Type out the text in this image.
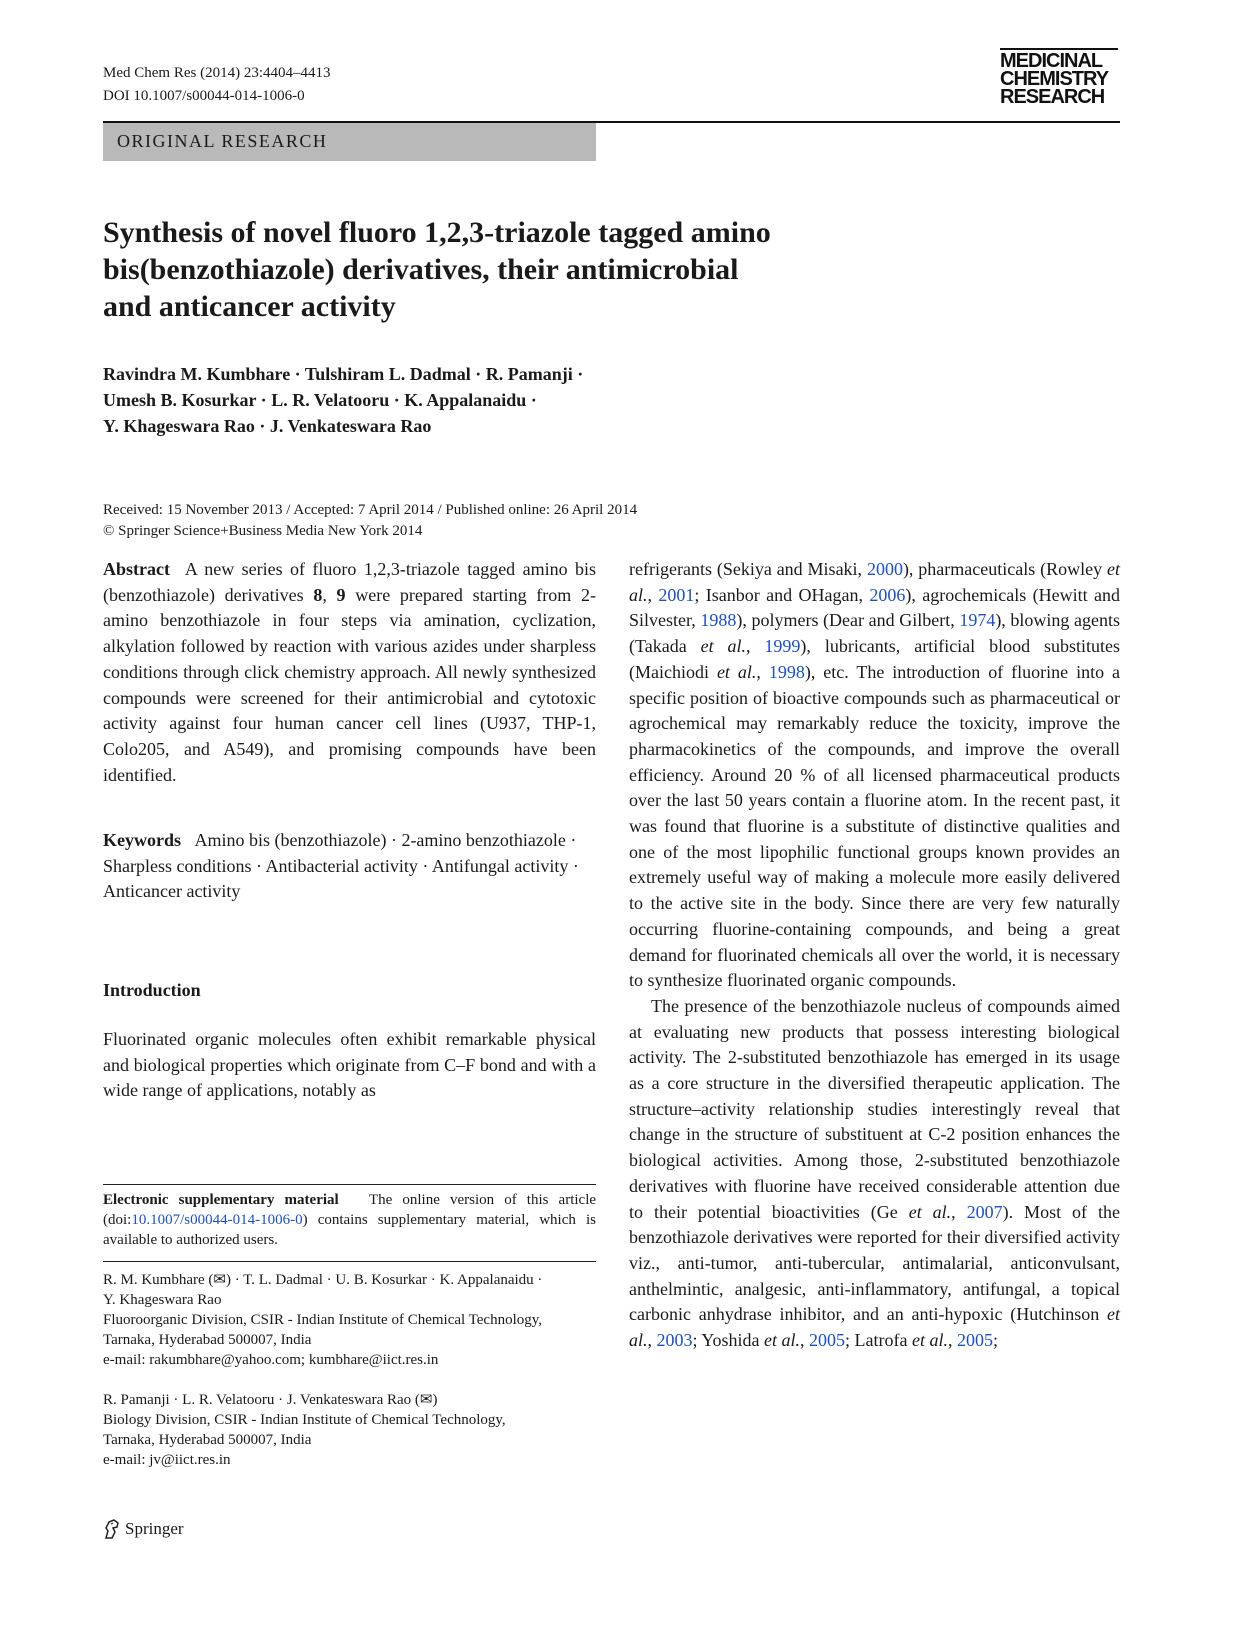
Med Chem Res (2014) 23:4404–4413
DOI 10.1007/s00044-014-1006-0
MEDICINAL
CHEMISTRY
RESEARCH
ORIGINAL RESEARCH
Synthesis of novel fluoro 1,2,3-triazole tagged amino
bis(benzothiazole) derivatives, their antimicrobial
and anticancer activity
Ravindra M. Kumbhare · Tulshiram L. Dadmal · R. Pamanji ·
Umesh B. Kosurkar · L. R. Velatooru · K. Appalanaidu ·
Y. Khageswara Rao · J. Venkateswara Rao
Received: 15 November 2013 / Accepted: 7 April 2014 / Published online: 26 April 2014
© Springer Science+Business Media New York 2014
Abstract A new series of fluoro 1,2,3-triazole tagged amino bis (benzothiazole) derivatives 8, 9 were prepared starting from 2-amino benzothiazole in four steps via amination, cyclization, alkylation followed by reaction with various azides under sharpless conditions through click chemistry approach. All newly synthesized compounds were screened for their antimicrobial and cytotoxic activity against four human cancer cell lines (U937, THP-1, Colo205, and A549), and promising compounds have been identified.
Keywords Amino bis (benzothiazole) · 2-amino benzothiazole · Sharpless conditions · Antibacterial activity · Antifungal activity · Anticancer activity
Introduction
Fluorinated organic molecules often exhibit remarkable physical and biological properties which originate from C–F bond and with a wide range of applications, notably as
Electronic supplementary material The online version of this article (doi:10.1007/s00044-014-1006-0) contains supplementary material, which is available to authorized users.
R. M. Kumbhare (✉) · T. L. Dadmal · U. B. Kosurkar · K. Appalanaidu · Y. Khageswara Rao
Fluoroorganic Division, CSIR - Indian Institute of Chemical Technology, Tarnaka, Hyderabad 500007, India
e-mail: rakumbhare@yahoo.com; kumbhare@iict.res.in
R. Pamanji · L. R. Velatooru · J. Venkateswara Rao (✉)
Biology Division, CSIR - Indian Institute of Chemical Technology, Tarnaka, Hyderabad 500007, India
e-mail: jv@iict.res.in
refrigerants (Sekiya and Misaki, 2000), pharmaceuticals (Rowley et al., 2001; Isanbor and OHagan, 2006), agrochemicals (Hewitt and Silvester, 1988), polymers (Dear and Gilbert, 1974), blowing agents (Takada et al., 1999), lubricants, artificial blood substitutes (Maichiodi et al., 1998), etc. The introduction of fluorine into a specific position of bioactive compounds such as pharmaceutical or agrochemical may remarkably reduce the toxicity, improve the pharmacokinetics of the compounds, and improve the overall efficiency. Around 20 % of all licensed pharmaceutical products over the last 50 years contain a fluorine atom. In the recent past, it was found that fluorine is a substitute of distinctive qualities and one of the most lipophilic functional groups known provides an extremely useful way of making a molecule more easily delivered to the active site in the body. Since there are very few naturally occurring fluorine-containing compounds, and being a great demand for fluorinated chemicals all over the world, it is necessary to synthesize fluorinated organic compounds.
The presence of the benzothiazole nucleus of compounds aimed at evaluating new products that possess interesting biological activity. The 2-substituted benzothiazole has emerged in its usage as a core structure in the diversified therapeutic application. The structure–activity relationship studies interestingly reveal that change in the structure of substituent at C-2 position enhances the biological activities. Among those, 2-substituted benzothiazole derivatives with fluorine have received considerable attention due to their potential bioactivities (Ge et al., 2007). Most of the benzothiazole derivatives were reported for their diversified activity viz., anti-tumor, anti-tubercular, antimalarial, anticonvulsant, anthelmintic, analgesic, anti-inflammatory, antifungal, a topical carbonic anhydrase inhibitor, and an anti-hypoxic (Hutchinson et al., 2003; Yoshida et al., 2005; Latrofa et al., 2005;
Springer
